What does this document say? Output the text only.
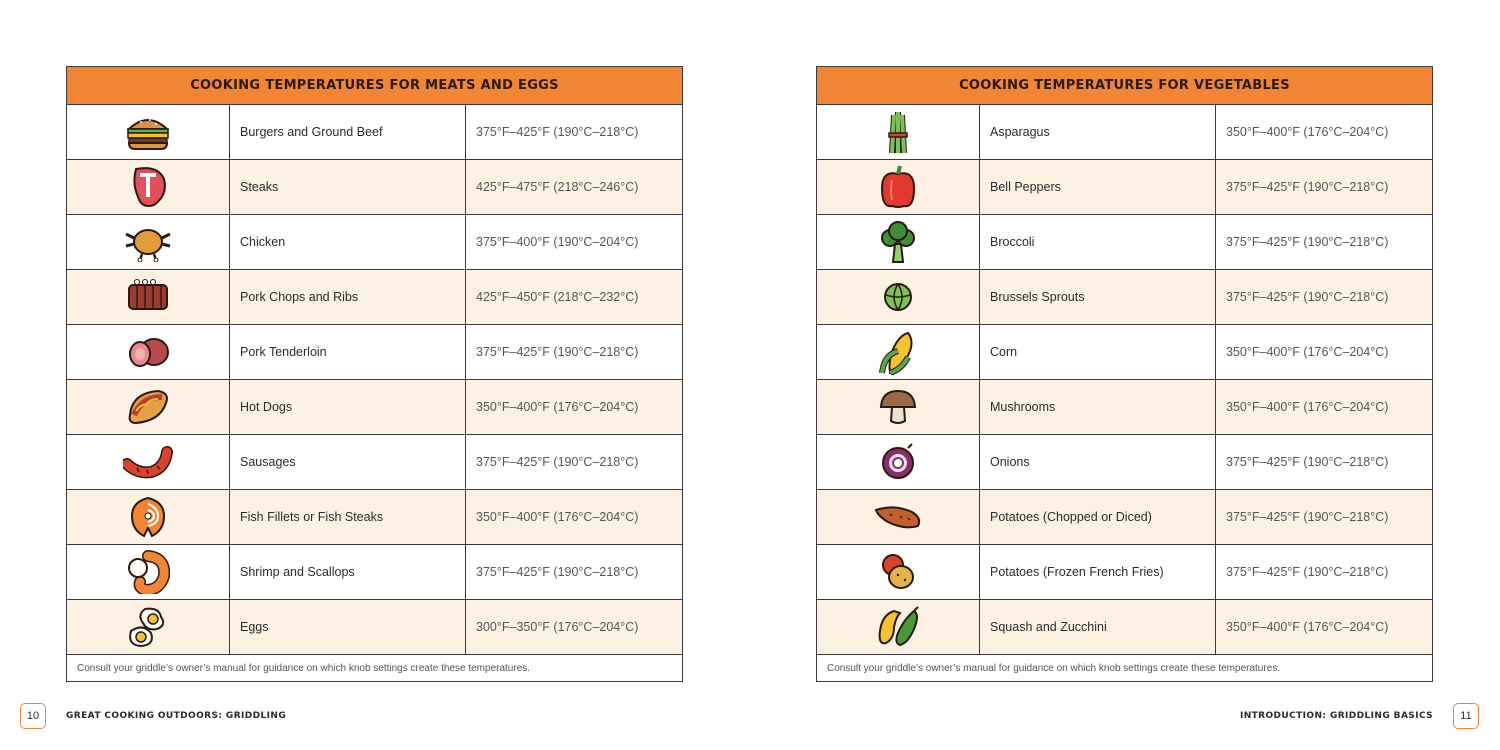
COOKING TEMPERATURES FOR MEATS AND EGGS
Burgers and Ground Beef	375°F–425°F (190°C–218°C)
Steaks	425°F–475°F (218°C–246°C)
Chicken	375°F–400°F (190°C–204°C)
Pork Chops and Ribs	425°F–450°F (218°C–232°C)
Pork Tenderloin	375°F–425°F (190°C–218°C)
Hot Dogs	350°F–400°F (176°C–204°C)
Sausages	375°F–425°F (190°C–218°C)
Fish Fillets or Fish Steaks	350°F–400°F (176°C–204°C)
Shrimp and Scallops	375°F–425°F (190°C–218°C)
Eggs	300°F–350°F (176°C–204°C)
Consult your griddle’s owner’s manual for guidance on which knob settings create these temperatures.
COOKING TEMPERATURES FOR VEGETABLES
Asparagus	350°F–400°F (176°C–204°C)
Bell Peppers	375°F–425°F (190°C–218°C)
Broccoli	375°F–425°F (190°C–218°C)
Brussels Sprouts	375°F–425°F (190°C–218°C)
Corn	350°F–400°F (176°C–204°C)
Mushrooms	350°F–400°F (176°C–204°C)
Onions	375°F–425°F (190°C–218°C)
Potatoes (Chopped or Diced)	375°F–425°F (190°C–218°C)
Potatoes (Frozen French Fries)	375°F–425°F (190°C–218°C)
Squash and Zucchini	350°F–400°F (176°C–204°C)
Consult your griddle’s owner’s manual for guidance on which knob settings create these temperatures.
10	GREAT COOKING OUTDOORS: GRIDDLING	INTRODUCTION: GRIDDLING BASICS	11
